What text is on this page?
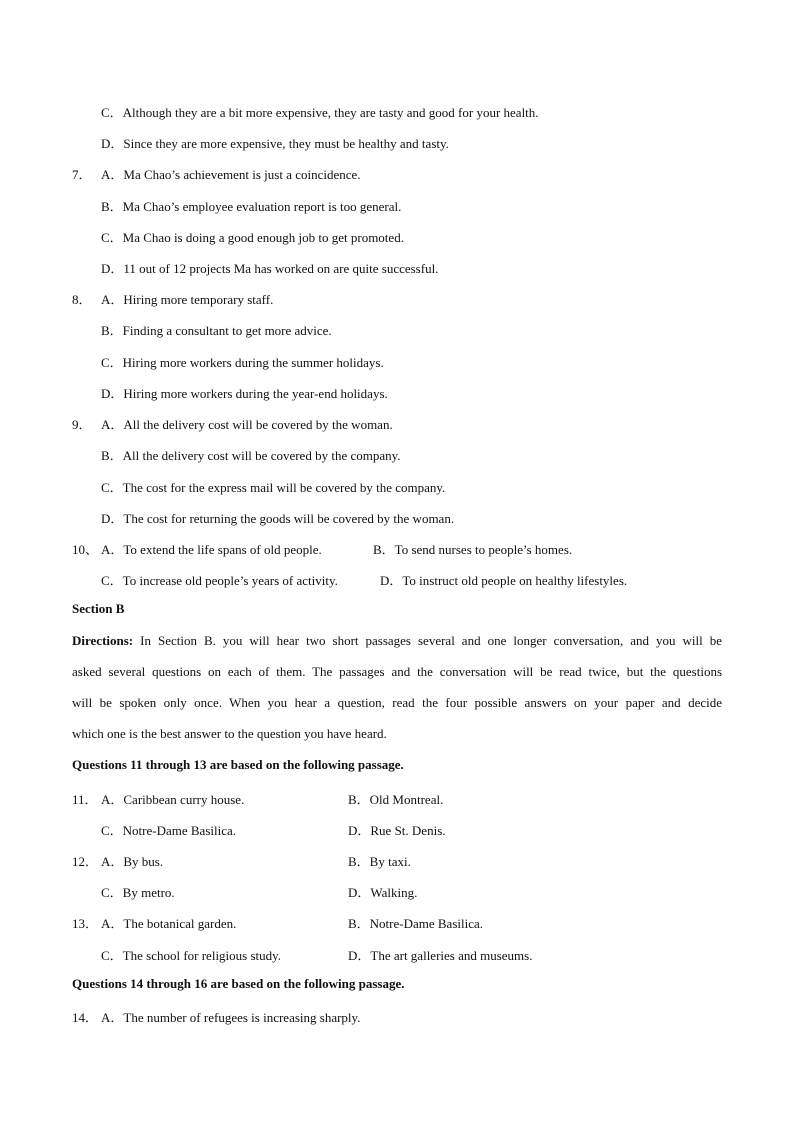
C．Although they are a bit more expensive, they are tasty and good for your health.
D．Since they are more expensive, they must be healthy and tasty.
7． A．Ma Chao’s achievement is just a coincidence.
B．Ma Chao’s employee evaluation report is too general.
C．Ma Chao is doing a good enough job to get promoted.
D．11 out of 12 projects Ma has worked on are quite successful.
8． A．Hiring more temporary staff.
B．Finding a consultant to get more advice.
C．Hiring more workers during the summer holidays.
D．Hiring more workers during the year-end holidays.
9． A．All the delivery cost will be covered by the woman.
B．All the delivery cost will be covered by the company.
C．The cost for the express mail will be covered by the company.
D．The cost for returning the goods will be covered by the woman.
10、 A．To extend the life spans of old people.	B．To send nurses to people’s homes.
C．To increase old people’s years of activity.	D．To instruct old people on healthy lifestyles.
Section B
Directions: In Section B. you will hear two short passages several and one longer conversation, and you will be
asked several questions on each of them. The passages and the conversation will be read twice, but the questions
will be spoken only once. When you hear a question, read the four possible answers on your paper and decide
which one is the best answer to the question you have heard.
Questions 11 through 13 are based on the following passage.
11． A．Caribbean curry house.	B．Old Montreal.
C．Notre-Dame Basilica.	D．Rue St. Denis.
12． A．By bus.	B．By taxi.
C．By metro.	D．Walking.
13． A．The botanical garden.	B．Notre-Dame Basilica.
C．The school for religious study.	D．The art galleries and museums.
Questions 14 through 16 are based on the following passage.
14． A．The number of refugees is increasing sharply.
